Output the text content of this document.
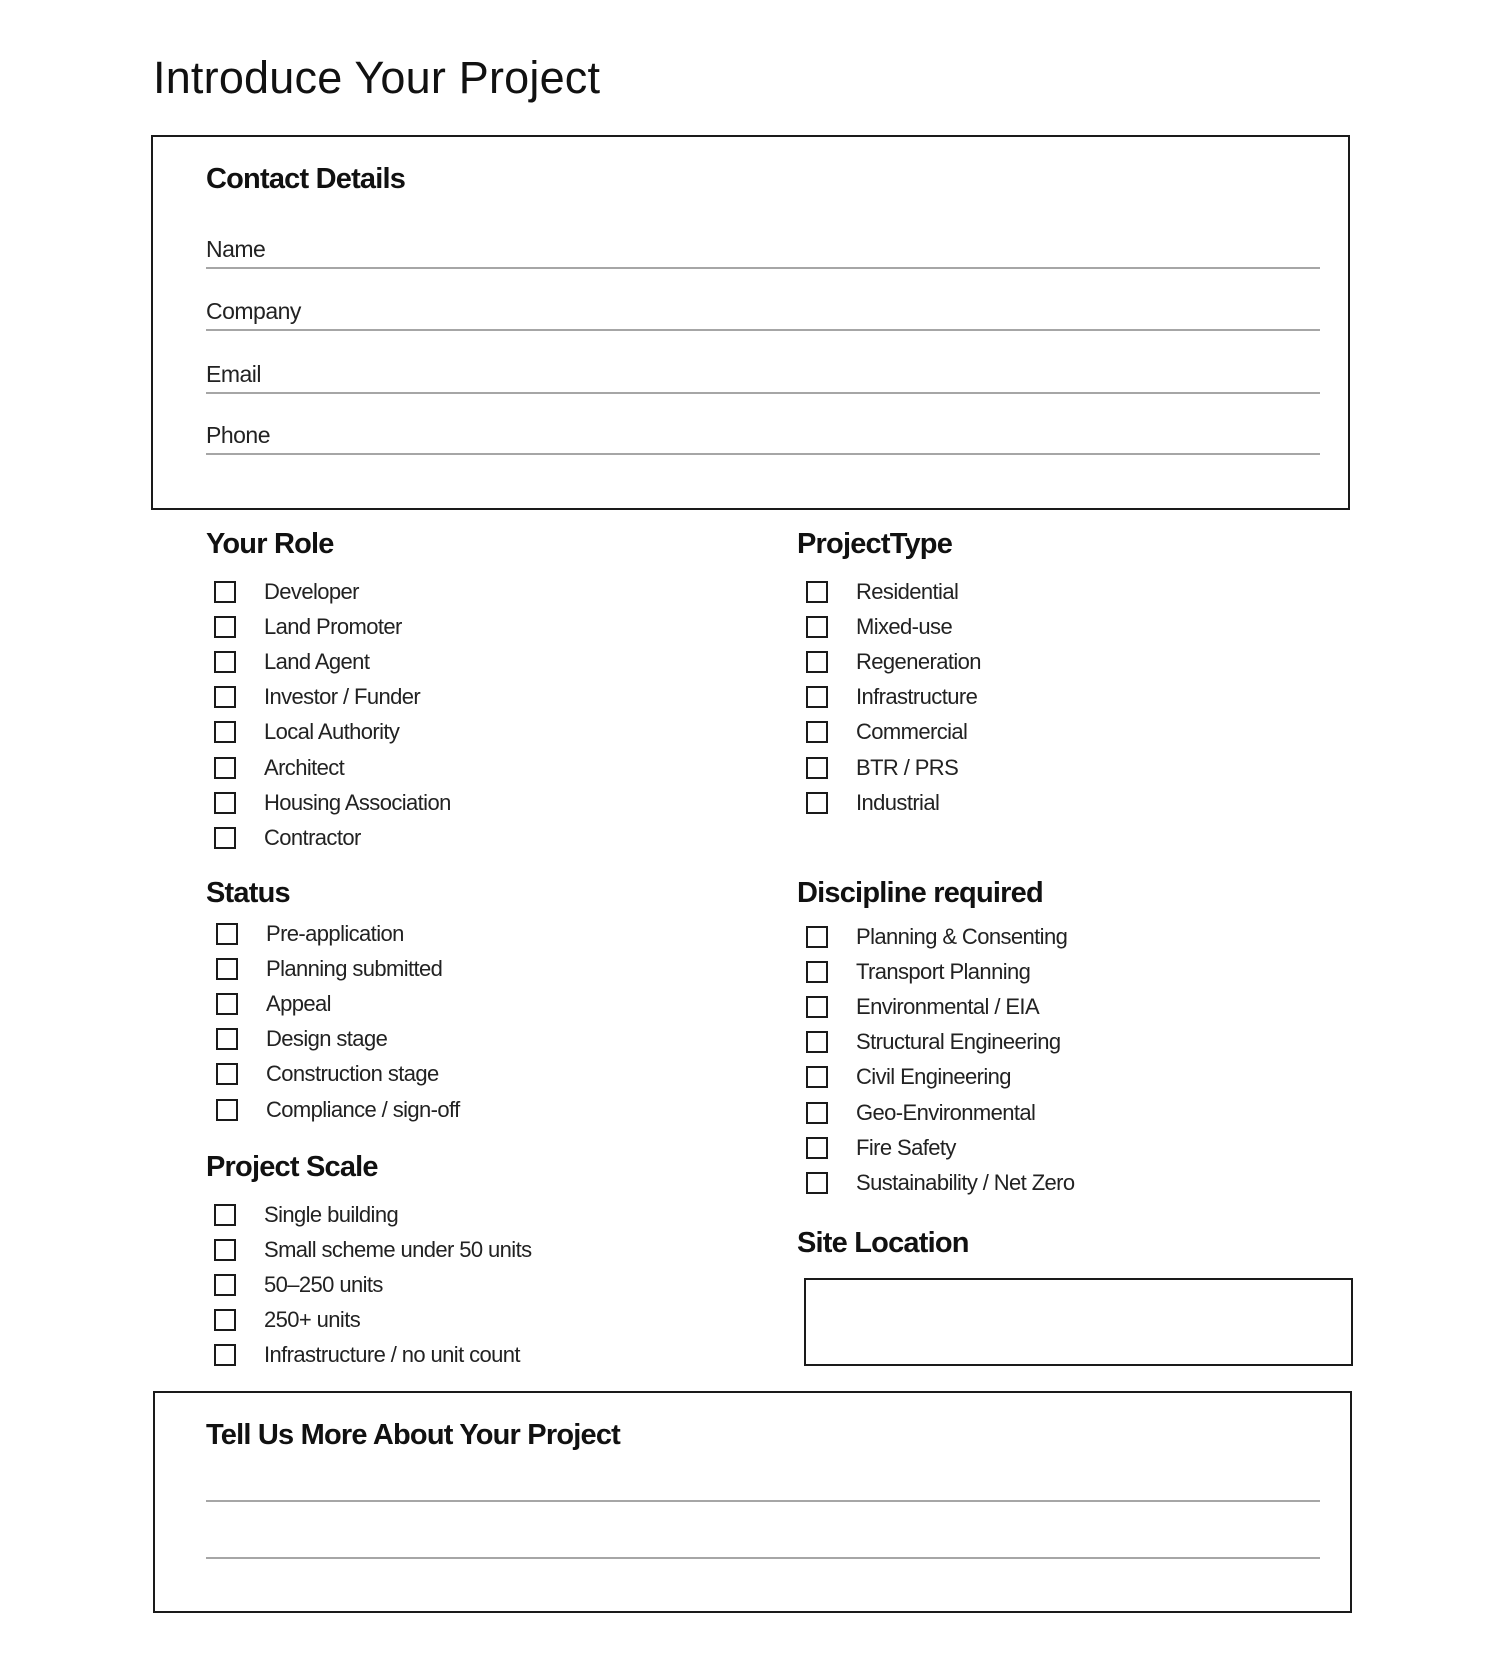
Introduce Your Project
Contact Details
Name
Company
Email
Phone
Your Role
Developer
Land Promoter
Land Agent
Investor / Funder
Local Authority
Architect
Housing Association
Contractor
ProjectType
Residential
Mixed-use
Regeneration
Infrastructure
Commercial
BTR / PRS
Industrial
Status
Pre-application
Planning submitted
Appeal
Design stage
Construction stage
Compliance / sign-off
Discipline required
Planning & Consenting
Transport Planning
Environmental / EIA
Structural Engineering
Civil Engineering
Geo-Environmental
Fire Safety
Sustainability / Net Zero
Project Scale
Single building
Small scheme under 50 units
50–250 units
250+ units
Infrastructure / no unit count
Site Location
Tell Us More About Your Project
